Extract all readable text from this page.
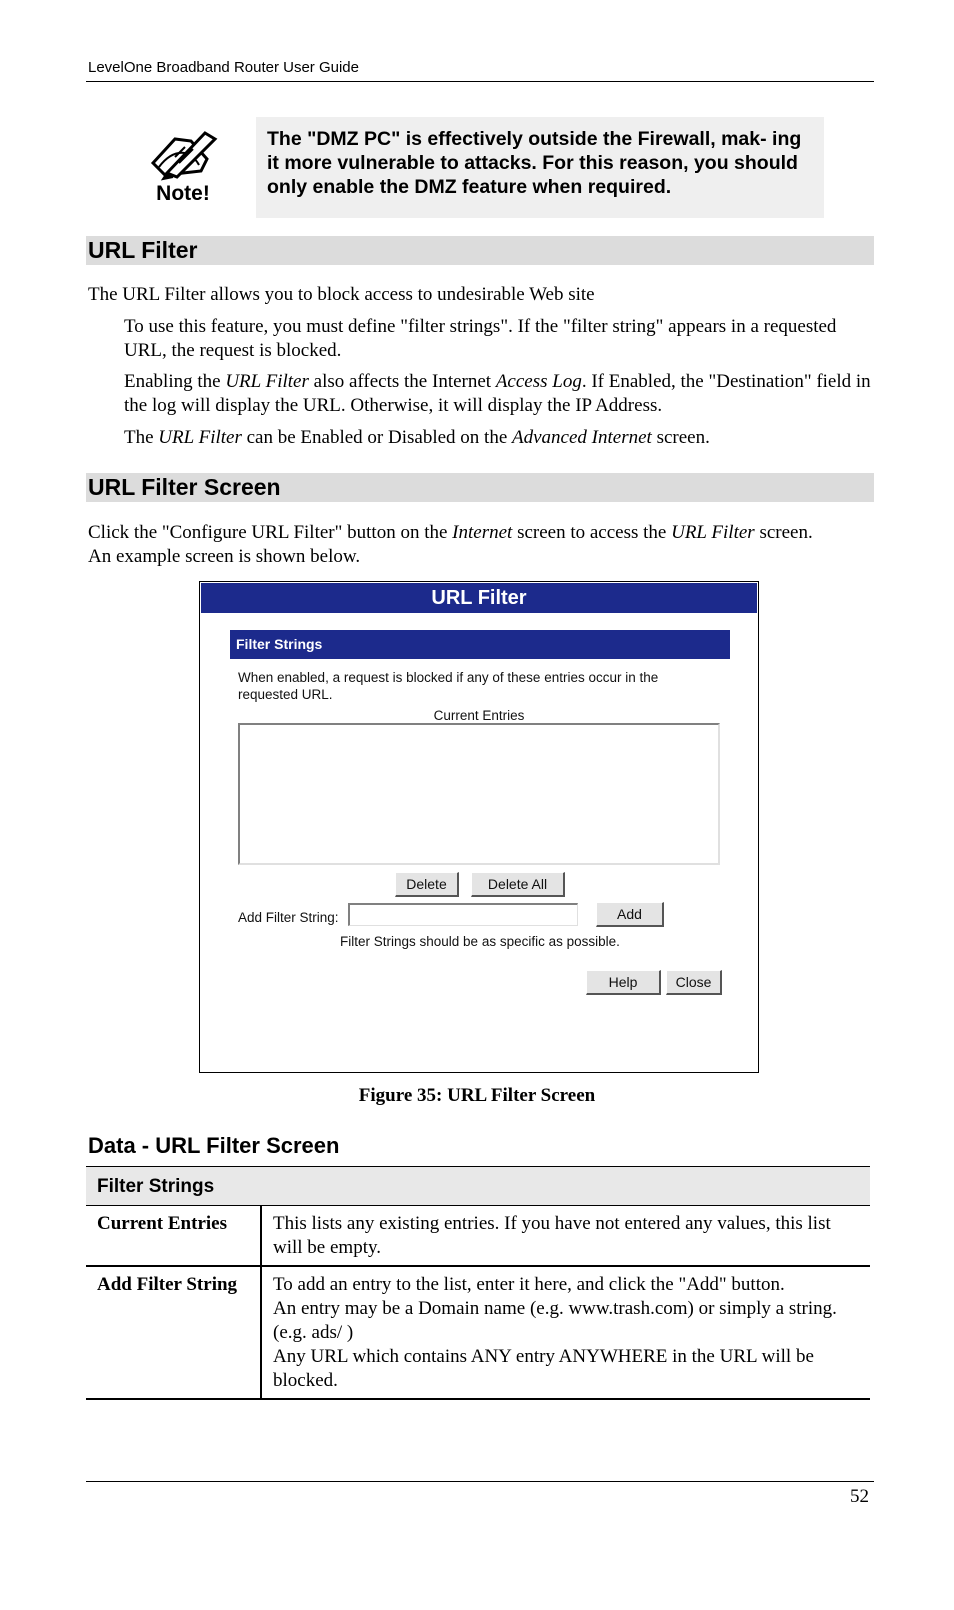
LevelOne Broadband Router User Guide
Note!
The "DMZ PC" is effectively outside the Firewall, mak- ing it more vulnerable to attacks. For this reason, you should only enable the DMZ feature when required.
URL Filter
The URL Filter allows you to block access to undesirable Web site
To use this feature, you must define "filter strings". If the "filter string" appears in a requested URL, the request is blocked.
Enabling the URL Filter also affects the Internet Access Log. If Enabled, the "Destination" field in the log will display the URL. Otherwise, it will display the IP Address.
The URL Filter can be Enabled or Disabled on the Advanced Internet screen.
URL Filter Screen
Click the "Configure URL Filter" button on the Internet screen to access the URL Filter screen. An example screen is shown below.
URL Filter
Filter Strings
When enabled, a request is blocked if any of these entries occur in the requested URL.
Current Entries
Delete	Delete All
Add Filter String:	Add
Filter Strings should be as specific as possible.
Help	Close
Figure 35: URL Filter Screen
Data - URL Filter Screen
Filter Strings	
Current Entries	This lists any existing entries. If you have not entered any values, this list will be empty.
Add Filter String	To add an entry to the list, enter it here, and click the "Add" button.
An entry may be a Domain name (e.g. www.trash.com) or simply a string. (e.g. ads/ )
Any URL which contains ANY entry ANYWHERE in the URL will be blocked.
52
